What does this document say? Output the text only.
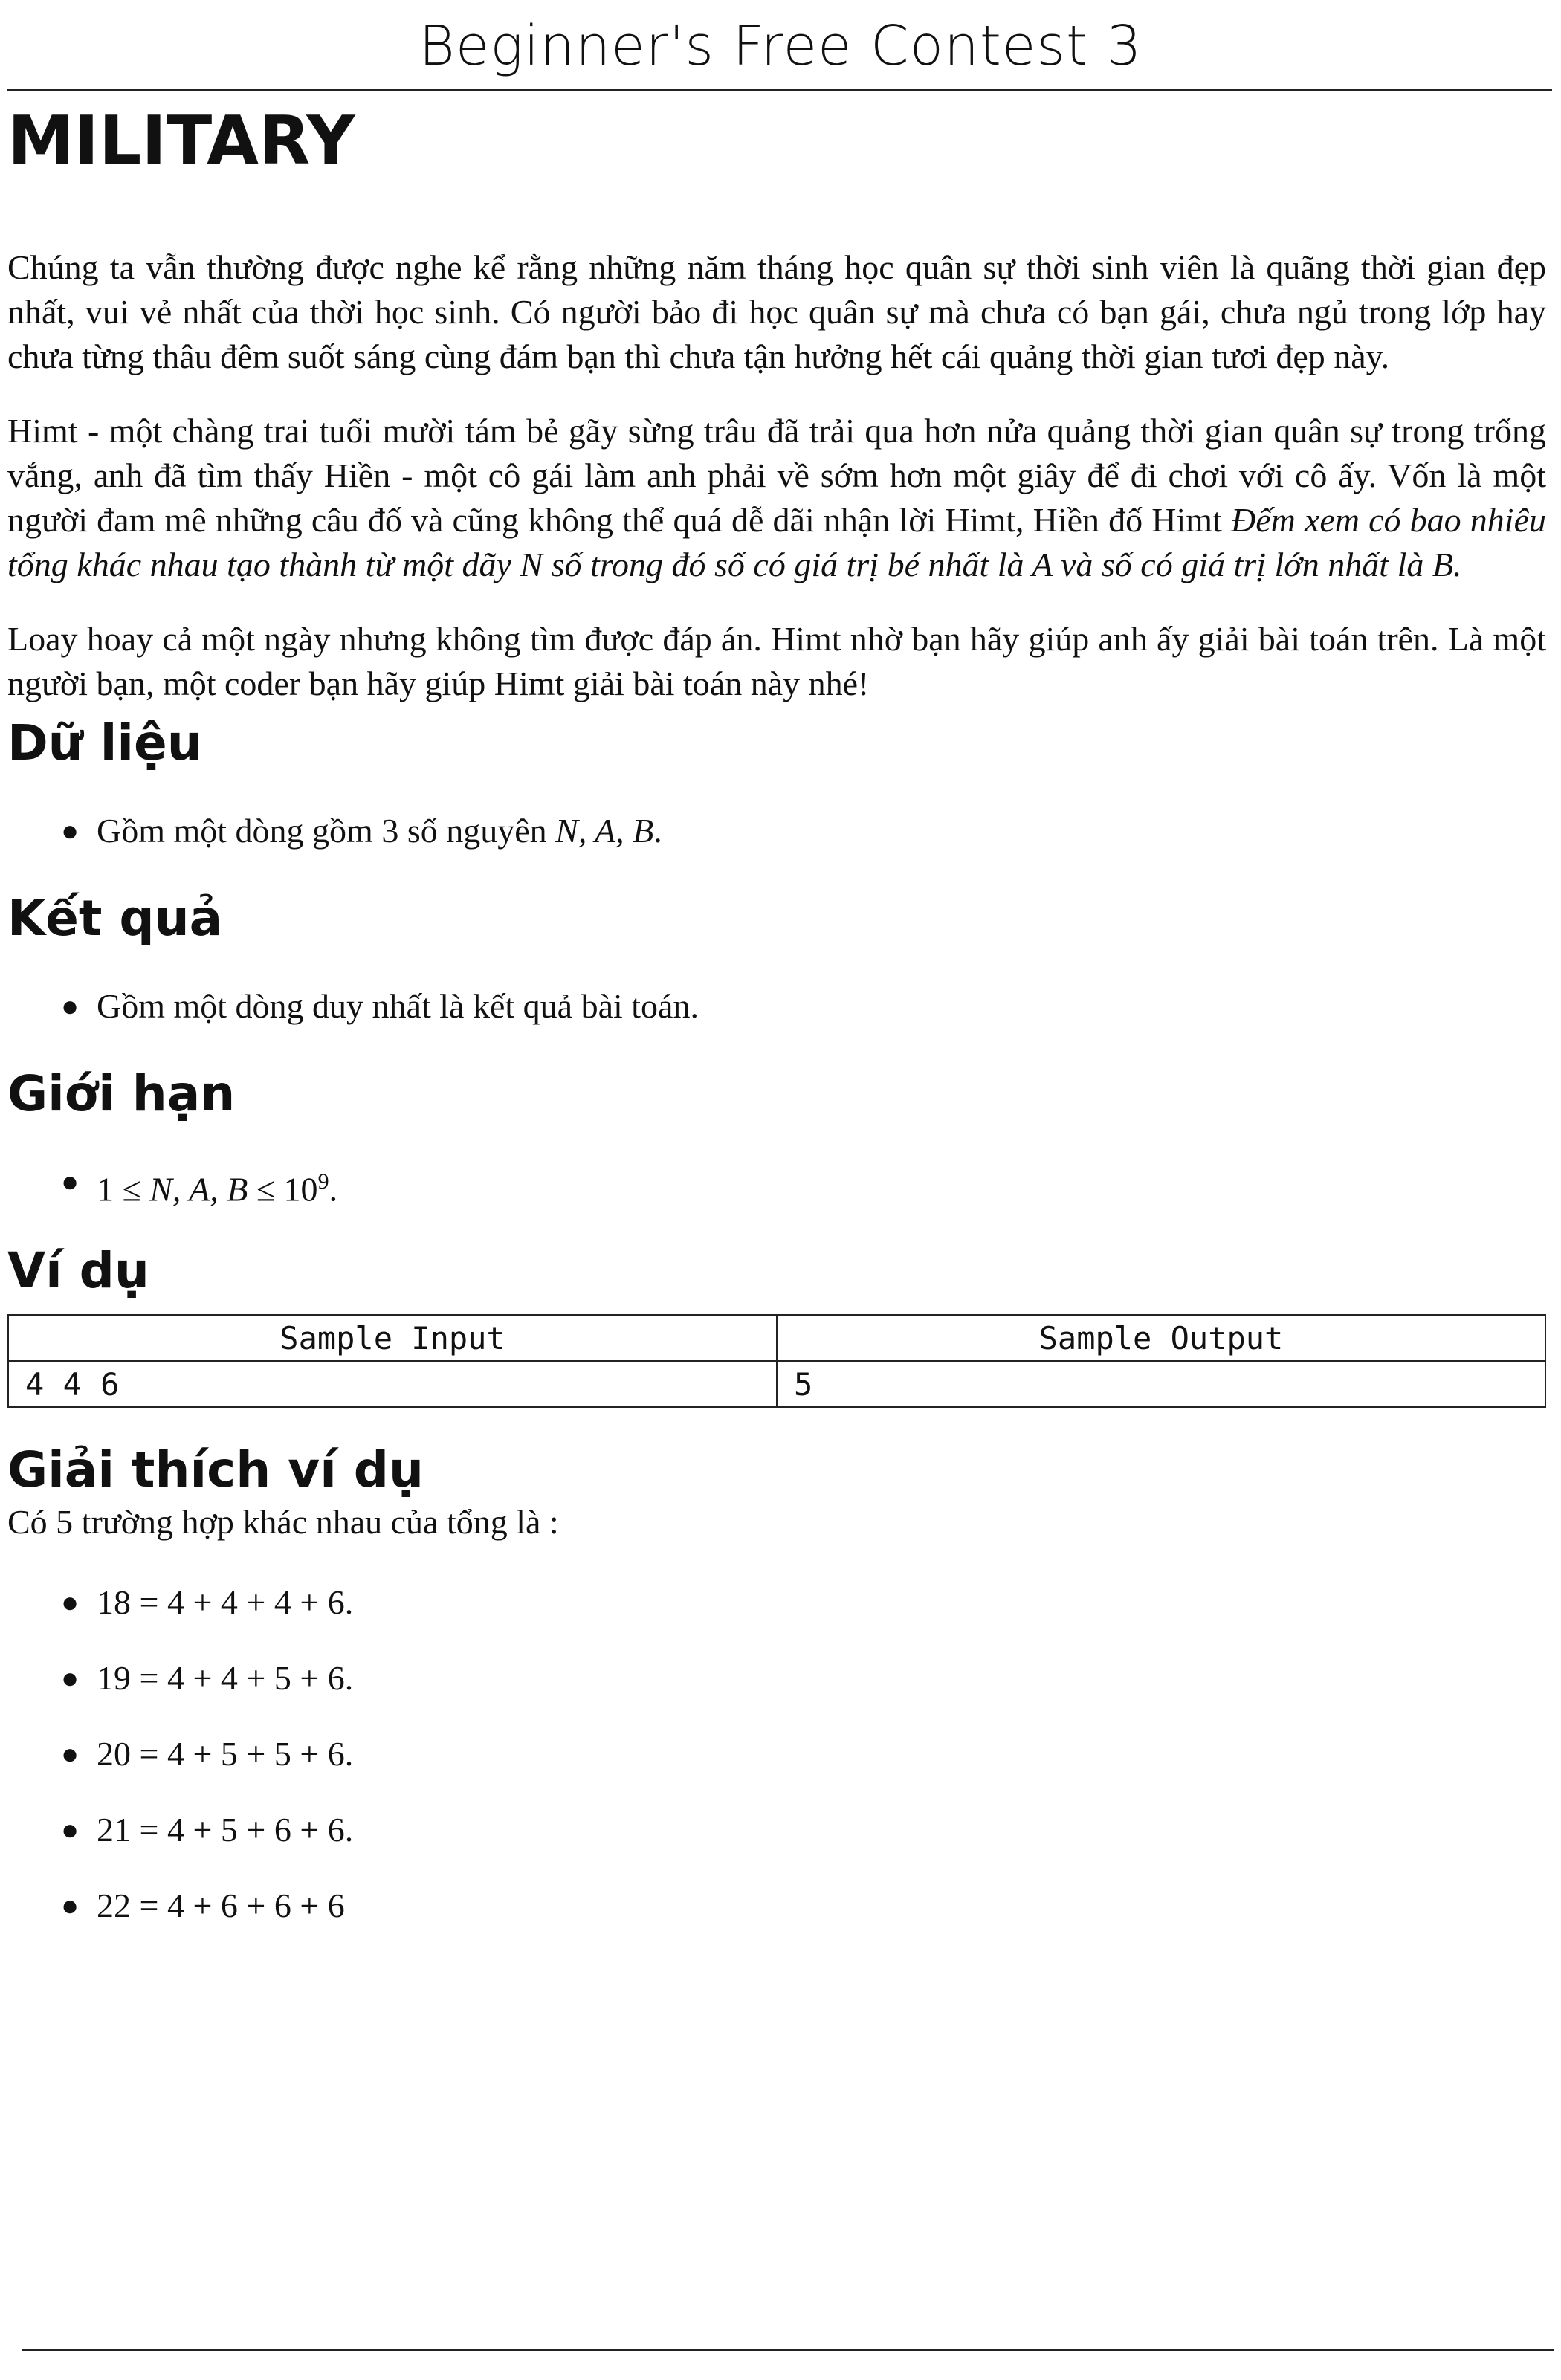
Beginner's Free Contest 3
MILITARY

Chúng ta vẫn thường được nghe kể rằng những năm tháng học quân sự thời sinh viên là quãng thời gian đẹp nhất, vui vẻ nhất của thời học sinh. Có người bảo đi học quân sự mà chưa có bạn gái, chưa ngủ trong lớp hay chưa từng thâu đêm suốt sáng cùng đám bạn thì chưa tận hưởng hết cái quảng thời gian tươi đẹp này.

Himt - một chàng trai tuổi mười tám bẻ gãy sừng trâu đã trải qua hơn nửa quảng thời gian quân sự trong trống vắng, anh đã tìm thấy Hiền - một cô gái làm anh phải về sớm hơn một giây để đi chơi với cô ấy. Vốn là một người đam mê những câu đố và cũng không thể quá dễ dãi nhận lời Himt, Hiền đố Himt Đếm xem có bao nhiêu tổng khác nhau tạo thành từ một dãy N số trong đó số có giá trị bé nhất là A và số có giá trị lớn nhất là B.

Loay hoay cả một ngày nhưng không tìm được đáp án. Himt nhờ bạn hãy giúp anh ấy giải bài toán trên. Là một người bạn, một coder bạn hãy giúp Himt giải bài toán này nhé!

Dữ liệu
● Gồm một dòng gồm 3 số nguyên N, A, B.
Kết quả
● Gồm một dòng duy nhất là kết quả bài toán.
Giới hạn
● 1 ≤ N, A, $B \le 10^9$.
Ví dụ
Sample Input	Sample Output
4 4 6	5
Giải thích ví dụ

Có 5 trường hợp khác nhau của tổng là :

● 18 = 4 + 4 + 4 + 6.
● 19 = 4 + 4 + 5 + 6.
● 20 = 4 + 5 + 5 + 6.
● 21 = 4 + 5 + 6 + 6.
● 22 = 4 + 6 + 6 + 6
